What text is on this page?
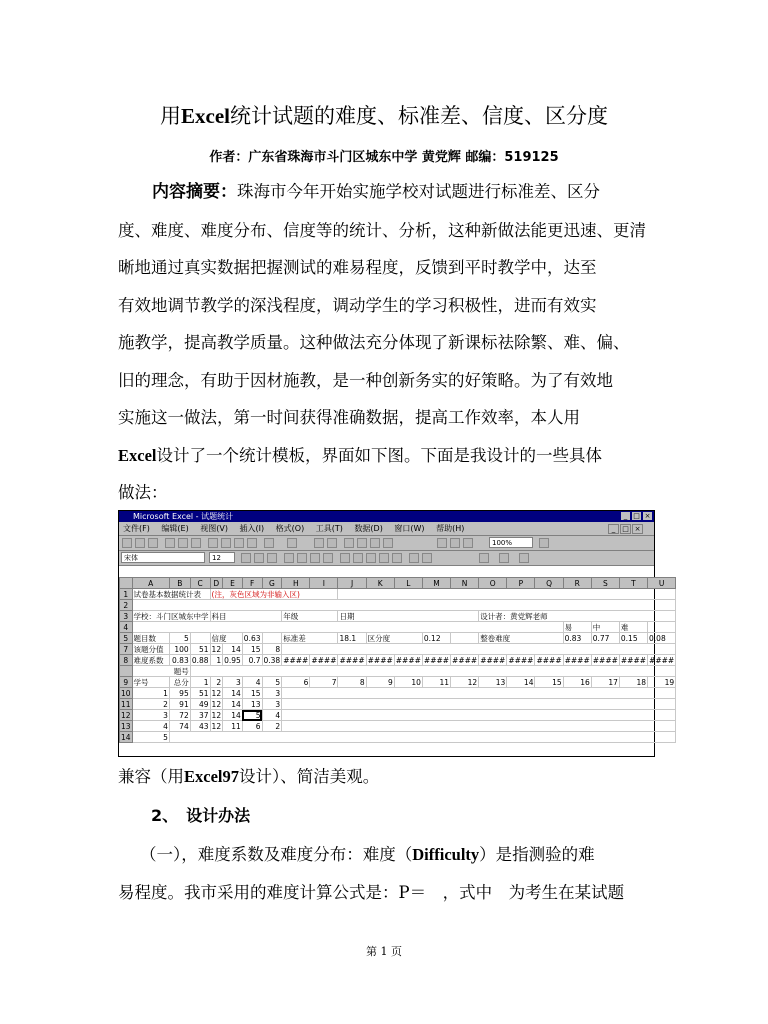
用Excel统计试题的难度、标准差、信度、区分度
作者：广东省珠海市斗门区城东中学 黄党辉 邮编：519125
内容摘要：珠海市今年开始实施学校对试题进行标准差、区分
度、难度、难度分布、信度等的统计、分析，这种新做法能更迅速、更清
晰地通过真实数据把握测试的难易程度，反馈到平时教学中，达至
有效地调节教学的深浅程度，调动学生的学习积极性，进而有效实
施教学，提高教学质量。这种做法充分体现了新课标祛除繁、难、偏、
旧的理念，有助于因材施教，是一种创新务实的好策略。为了有效地
实施这一做法，第一时间获得准确数据，提高工作效率，本人用
Excel设计了一个统计模板，界面如下图。下面是我设计的一些具体
做法：
Microsoft Excel - 试题统计	_ □ ×
文件(F) 编辑(E) 视图(V) 插入(I) 格式(O) 工具(T) 数据(D) 窗口(W) 帮助(H)	_ □ ×
100%
宋体	12
	A	B	C	D	E	F	G	H	I	J	K	L	M	N	O	P	Q	R	S	T	U
1	试卷基本数据统计表			(注，灰色区域为非输入区)																	
2																					
3	学校：斗门区城东中学			科目				年级		日期					设计者：黄党辉老师						
4																		易	中	难	
5	题目数	5		信度		0.63		标准差		18.1	区分度		0.12		整卷难度			0.83	0.77	0.15	0.08
7	该题分值	100	51	12	14	15	8														
8	难度系数	0.83	0.88	1	0.95	0.7	0.38	####	####	####	####	####	####	####	####	####	####	####	####	####	####
	题号																				
9	学号	总分	1	2	3	4	5	6	7	8	9	10	11	12	13	14	15	16	17	18	19
10	1	95	51	12	14	15	3														
11	2	91	49	12	14	13	3														
12	3	72	37	12	14	5	4														
13	4	74	43	12	11	6	2														
14	5																				
兼容（用Excel97设计）、简洁美观。
2、　设计办法
（一），难度系数及难度分布：难度（Difficulty）是指测验的难
易程度。我市采用的难度计算公式是：P＝　，式中　为考生在某试题
第 1 页
